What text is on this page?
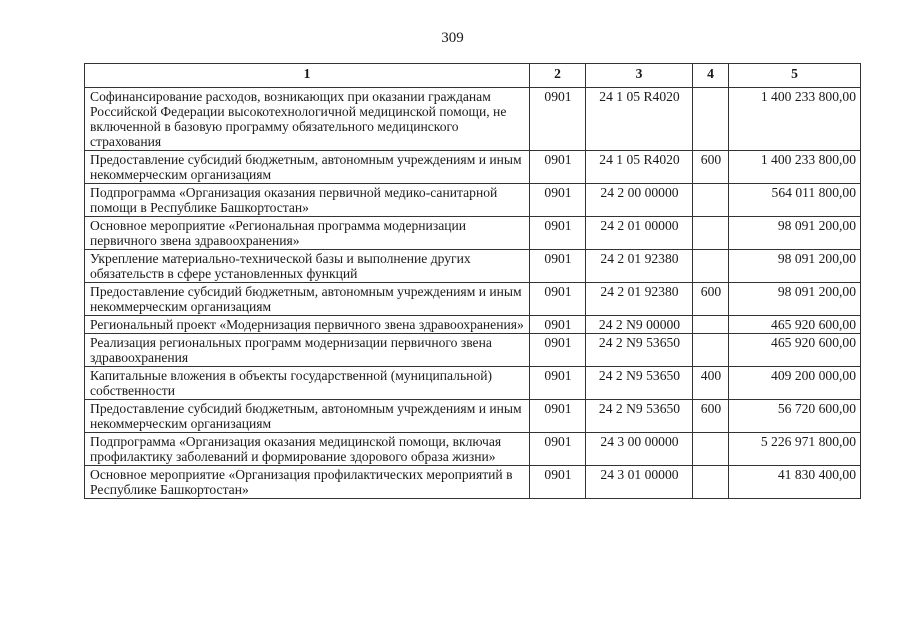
309
1	2	3	4	5
Софинансирование расходов, возникающих при оказании гражданам Российской Федерации высокотехнологичной медицинской помощи, не включенной в базовую программу обязательного медицинского страхования	0901	24 1 05 R4020		1 400 233 800,00
Предоставление субсидий бюджетным, автономным учреждениям и иным некоммерческим организациям	0901	24 1 05 R4020	600	1 400 233 800,00
Подпрограмма «Организация оказания первичной медико-санитарной помощи в Республике Башкортостан»	0901	24 2 00 00000		564 011 800,00
Основное мероприятие «Региональная программа модернизации первичного звена здравоохранения»	0901	24 2 01 00000		98 091 200,00
Укрепление материально-технической базы и выполнение других обязательств в сфере установленных функций	0901	24 2 01 92380		98 091 200,00
Предоставление субсидий бюджетным, автономным учреждениям и иным некоммерческим организациям	0901	24 2 01 92380	600	98 091 200,00
Региональный проект «Модернизация первичного звена здравоохранения»	0901	24 2 N9 00000		465 920 600,00
Реализация региональных программ модернизации первичного звена здравоохранения	0901	24 2 N9 53650		465 920 600,00
Капитальные вложения в объекты государственной (муниципальной) собственности	0901	24 2 N9 53650	400	409 200 000,00
Предоставление субсидий бюджетным, автономным учреждениям и иным некоммерческим организациям	0901	24 2 N9 53650	600	56 720 600,00
Подпрограмма «Организация оказания медицинской помощи, включая профилактику заболеваний и формирование здорового образа жизни»	0901	24 3 00 00000		5 226 971 800,00
Основное мероприятие «Организация профилактических мероприятий в Республике Башкортостан»	0901	24 3 01 00000		41 830 400,00
